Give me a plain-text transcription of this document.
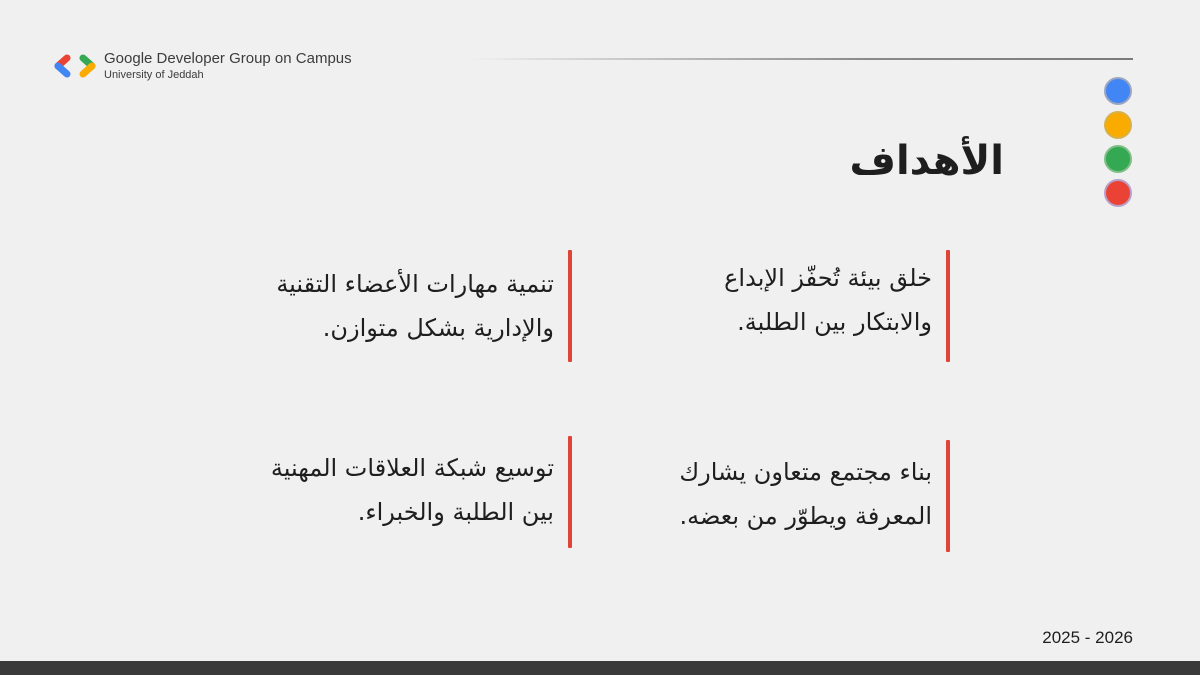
Google Developer Group on Campus
University of Jeddah
الأهداف
خلق بيئة تُحفّز الإبداع
والابتكار بين الطلبة.
تنمية مهارات الأعضاء التقنية
والإدارية بشكل متوازن.
بناء مجتمع متعاون يشارك
المعرفة ويطوّر من بعضه.
توسيع شبكة العلاقات المهنية
بين الطلبة والخبراء.
2025 - 2026
